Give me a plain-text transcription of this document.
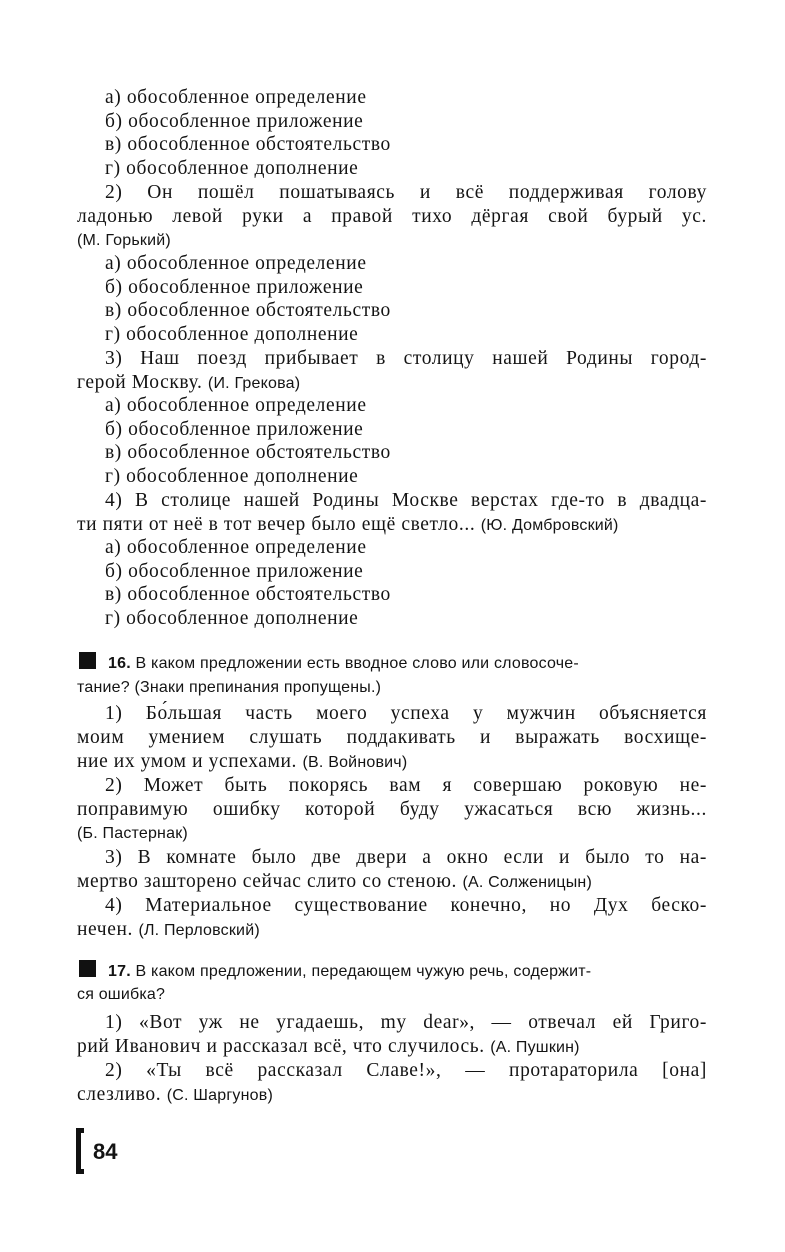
а) обособленное определение
б) обособленное приложение
в) обособленное обстоятельство
г) обособленное дополнение
2) Он пошёл пошатываясь и всё поддерживая голову
ладонью левой руки а правой тихо дёргая свой бурый ус.
(М. Горький)
а) обособленное определение
б) обособленное приложение
в) обособленное обстоятельство
г) обособленное дополнение
3) Наш поезд прибывает в столицу нашей Родины город-
герой Москву. (И. Грекова)
а) обособленное определение
б) обособленное приложение
в) обособленное обстоятельство
г) обособленное дополнение
4) В столице нашей Родины Москве верстах где-то в двадца-
ти пяти от неё в тот вечер было ещё светло... (Ю. Домбровский)
а) обособленное определение
б) обособленное приложение
в) обособленное обстоятельство
г) обособленное дополнение
16. В каком предложении есть вводное слово или словосоче-
тание? (Знаки препинания пропущены.)
1) Бо́льшая часть моего успеха у мужчин объясняется
моим умением слушать поддакивать и выражать восхище-
ние их умом и успехами. (В. Войнович)
2) Может быть покорясь вам я совершаю роковую не-
поправимую ошибку которой буду ужасаться всю жизнь...
(Б. Пастернак)
3) В комнате было две двери а окно если и было то на-
мертво зашторено сейчас слито со стеною. (А. Солженицын)
4) Материальное существование конечно, но Дух беско-
нечен. (Л. Перловский)
17. В каком предложении, передающем чужую речь, содержит-
ся ошибка?
1) «Вот уж не угадаешь, my dear», — отвечал ей Григо-
рий Иванович и рассказал всё, что случилось. (А. Пушкин)
2) «Ты всё рассказал Славе!», — протараторила [она]
слезливо. (С. Шаргунов)
84
